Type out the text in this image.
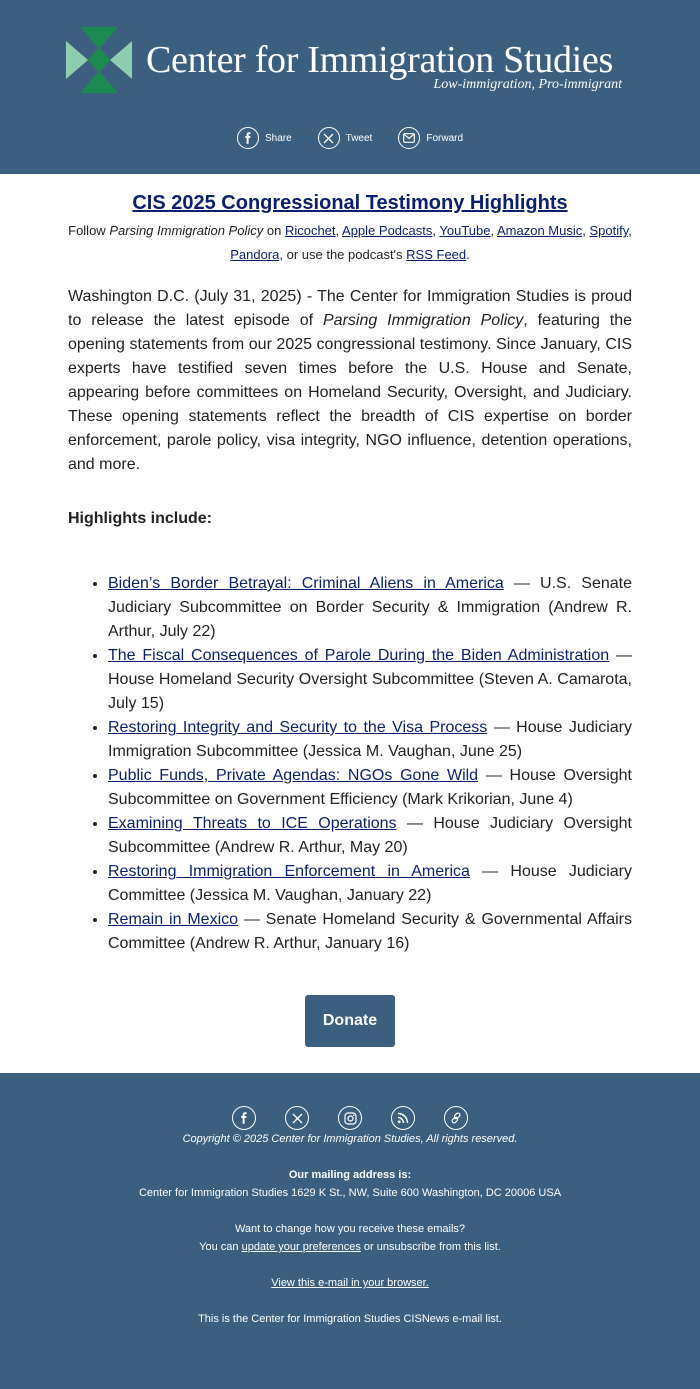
Center for Immigration Studies
Low-immigration, Pro-immigrant
Share	Tweet	Forward
CIS 2025 Congressional Testimony Highlights
Follow Parsing Immigration Policy on Ricochet, Apple Podcasts, YouTube, Amazon Music, Spotify, Pandora, or use the podcast's RSS Feed.

Washington D.C. (July 31, 2025) - The Center for Immigration Studies is proud to release the latest episode of Parsing Immigration Policy, featuring the opening statements from our 2025 congressional testimony. Since January, CIS experts have testified seven times before the U.S. House and Senate, appearing before committees on Homeland Security, Oversight, and Judiciary. These opening statements reflect the breadth of CIS expertise on border enforcement, parole policy, visa integrity, NGO influence, detention operations, and more.

Highlights include:

• Biden’s Border Betrayal: Criminal Aliens in America — U.S. Senate Judiciary Subcommittee on Border Security & Immigration (Andrew R. Arthur, July 22)
• The Fiscal Consequences of Parole During the Biden Administration — House Homeland Security Oversight Subcommittee (Steven A. Camarota, July 15)
• Restoring Integrity and Security to the Visa Process — House Judiciary Immigration Subcommittee (Jessica M. Vaughan, June 25)
• Public Funds, Private Agendas: NGOs Gone Wild — House Oversight Subcommittee on Government Efficiency (Mark Krikorian, June 4)
• Examining Threats to ICE Operations — House Judiciary Oversight Subcommittee (Andrew R. Arthur, May 20)
• Restoring Immigration Enforcement in America — House Judiciary Committee (Jessica M. Vaughan, January 22)
• Remain in Mexico — Senate Homeland Security & Governmental Affairs Committee (Andrew R. Arthur, January 16)
Donate

Copyright © 2025 Center for Immigration Studies, All rights reserved.

Our mailing address is:

Center for Immigration Studies 1629 K St., NW, Suite 600 Washington, DC 20006 USA

Want to change how you receive these emails?

You can update your preferences or unsubscribe from this list.

View this e-mail in your browser.

This is the Center for Immigration Studies CISNews e-mail list.
